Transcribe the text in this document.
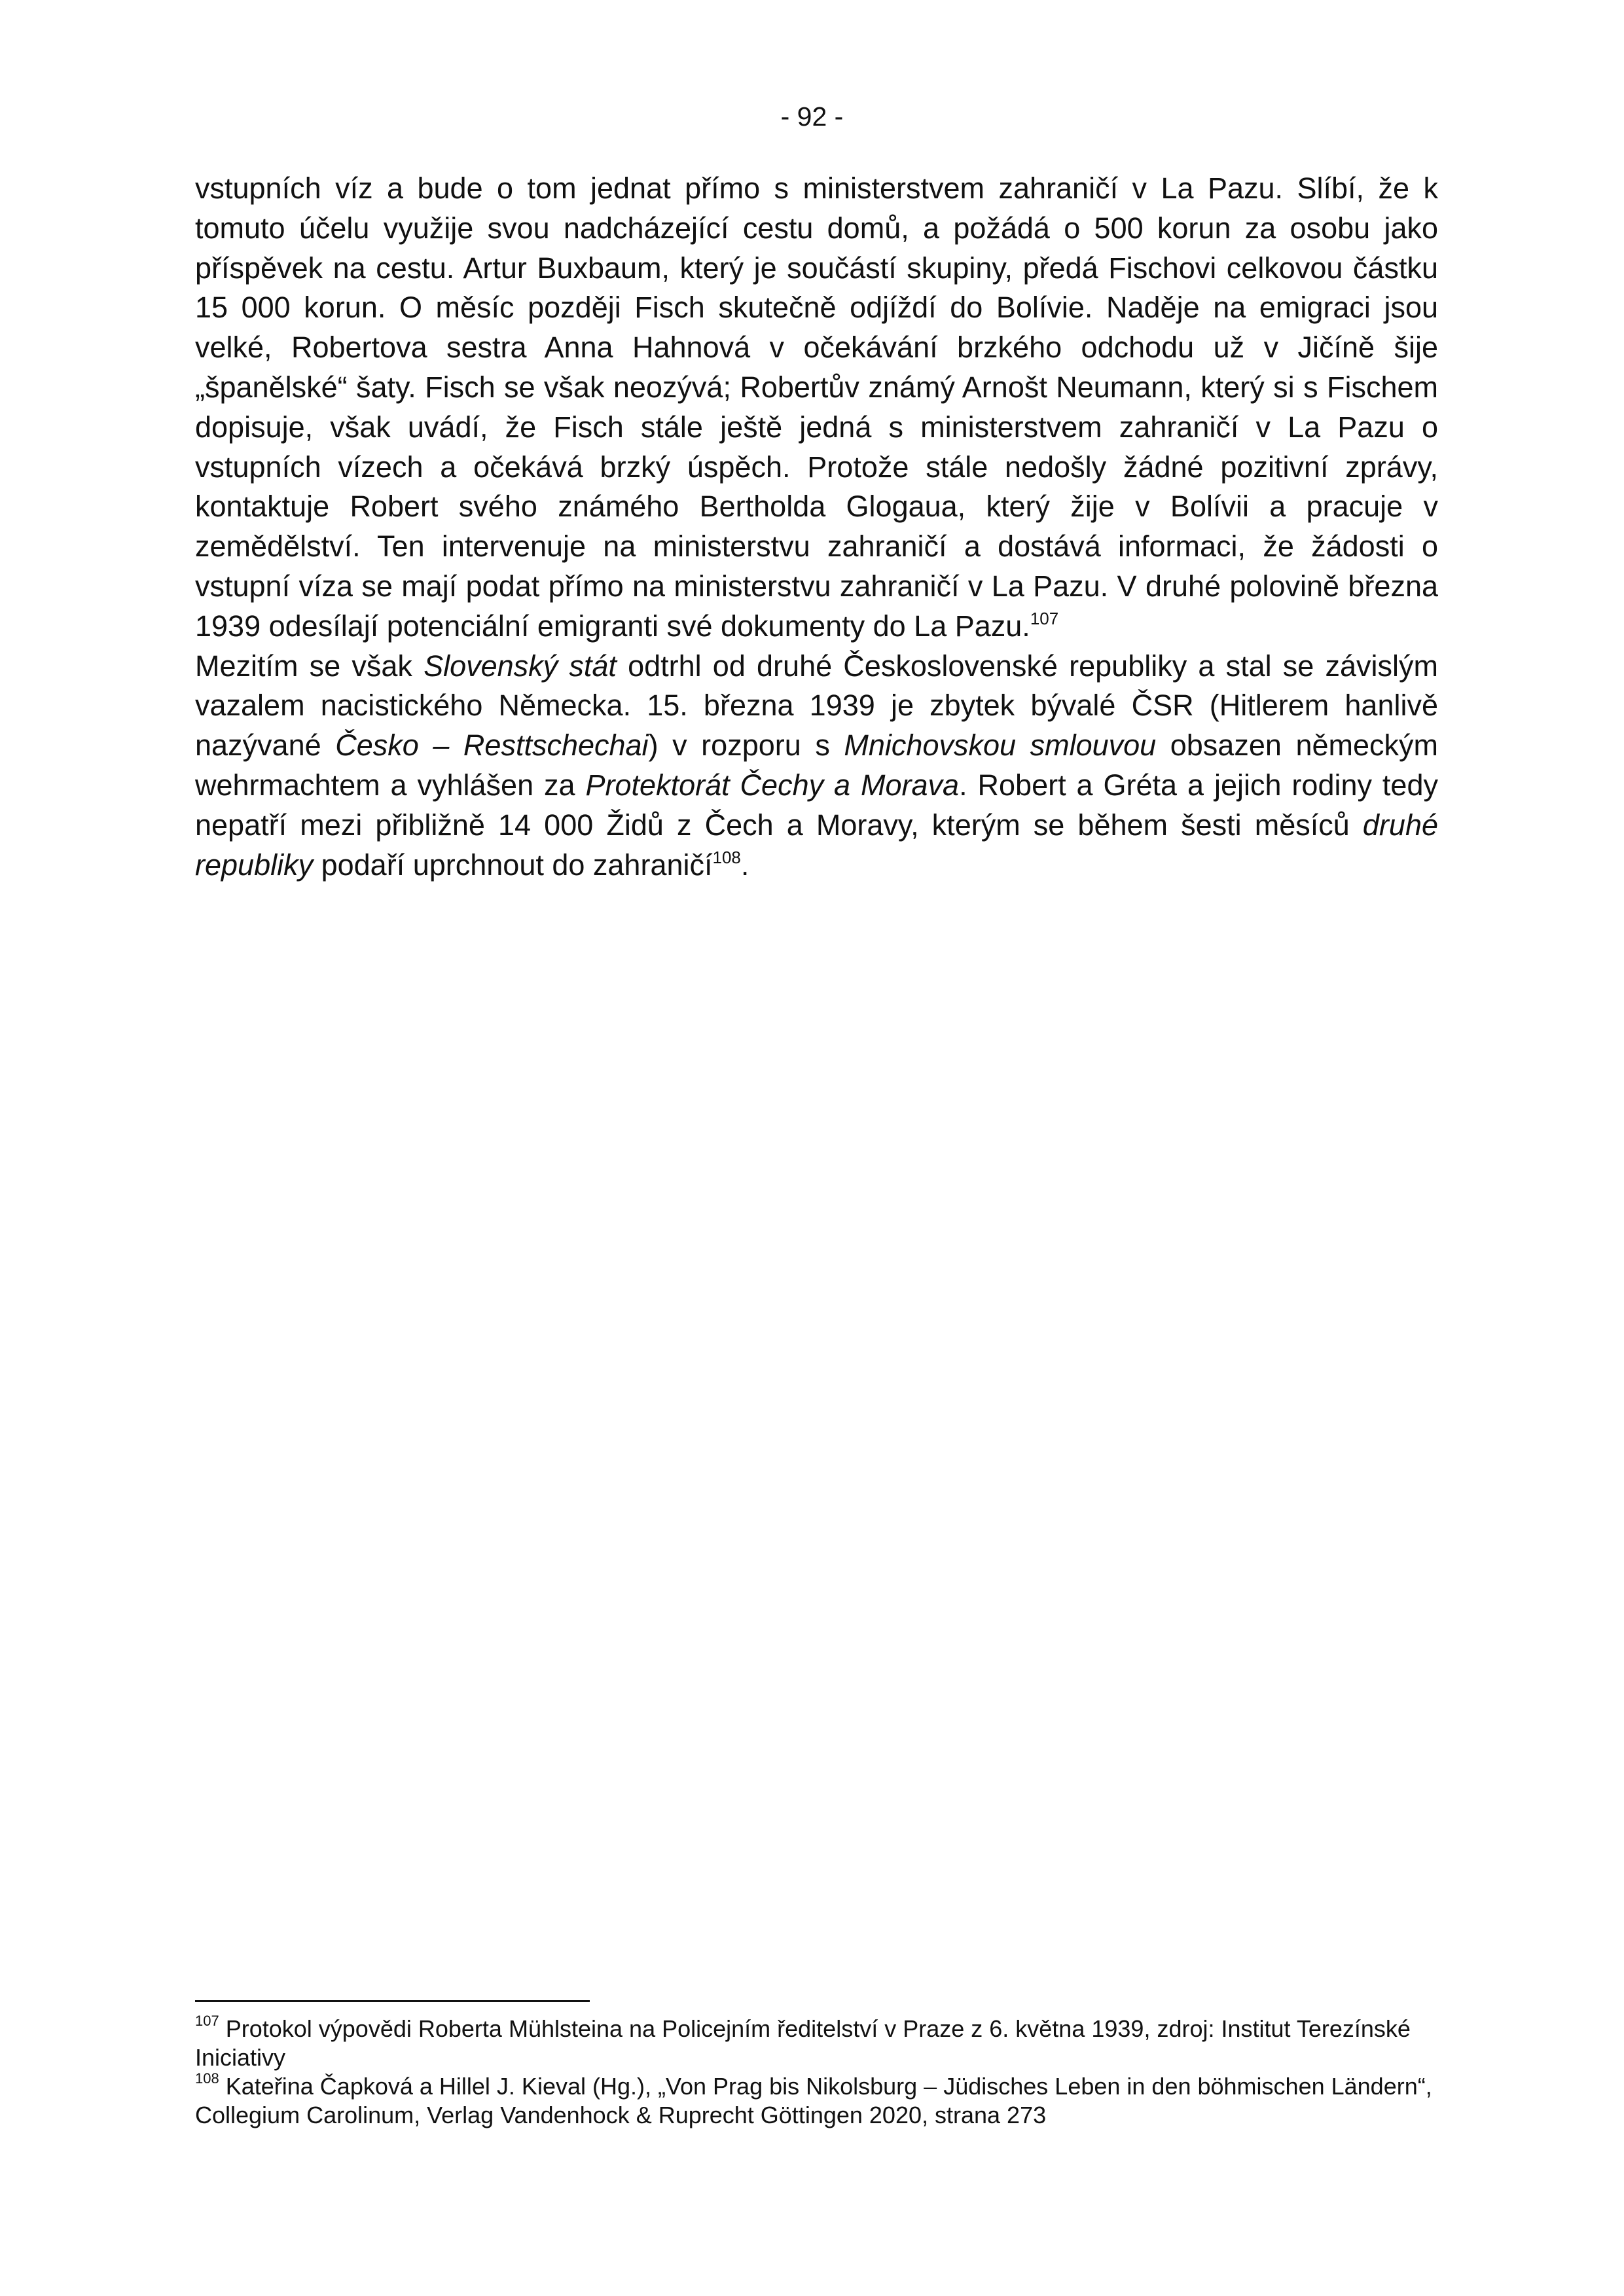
- 92 -

vstupních víz a bude o tom jednat přímo s ministerstvem zahraničí v La Pazu. Slíbí, že k tomuto účelu využije svou nadcházející cestu domů, a požádá o 500 korun za osobu jako příspěvek na cestu. Artur Buxbaum, který je součástí skupiny, předá Fischovi celkovou částku 15 000 korun. O měsíc později Fisch skutečně odjíždí do Bolívie. Naděje na emigraci jsou velké, Robertova sestra Anna Hahnová v očekávání brzkého odchodu už v Jičíně šije „španělské“ šaty. Fisch se však neozývá; Robertův známý Arnošt Neumann, který si s Fischem dopisuje, však uvádí, že Fisch stále ještě jedná s ministerstvem zahraničí v La Pazu o vstupních vízech a očekává brzký úspěch. Protože stále nedošly žádné pozitivní zprávy, kontaktuje Robert svého známého Bertholda Glogaua, který žije v Bolívii a pracuje v zemědělství. Ten intervenuje na ministerstvu zahraničí a dostává informaci, že žádosti o vstupní víza se mají podat přímo na ministerstvu zahraničí v La Pazu. V druhé polovině března 1939 odesílají potenciální emigranti své dokumenty do La Pazu.$^{107}$

Mezitím se však Slovenský stát odtrhl od druhé Československé republiky a stal se závislým vazalem nacistického Německa. 15. března 1939 je zbytek bývalé ČSR (Hitlerem hanlivě nazývané Česko – Resttschechai) v rozporu s Mnichovskou smlouvou obsazen německým wehrmachtem a vyhlášen za Protektorát Čechy a Morava. Robert a Gréta a jejich rodiny tedy nepatří mezi přibližně 14 000 Židů z Čech a Moravy, kterým se během šesti měsíců druhé republiky podaří uprchnout do zahraničí$^{108}$.

$^{107}$ Protokol výpovědi Roberta Mühlsteina na Policejním ředitelství v Praze z 6. května 1939, zdroj: Institut Terezínské Iniciativy

$^{108}$ Kateřina Čapková a Hillel J. Kieval (Hg.), „Von Prag bis Nikolsburg – Jüdisches Leben in den böhmischen Ländern“, Collegium Carolinum, Verlag Vandenhock & Ruprecht Göttingen 2020, strana 273
